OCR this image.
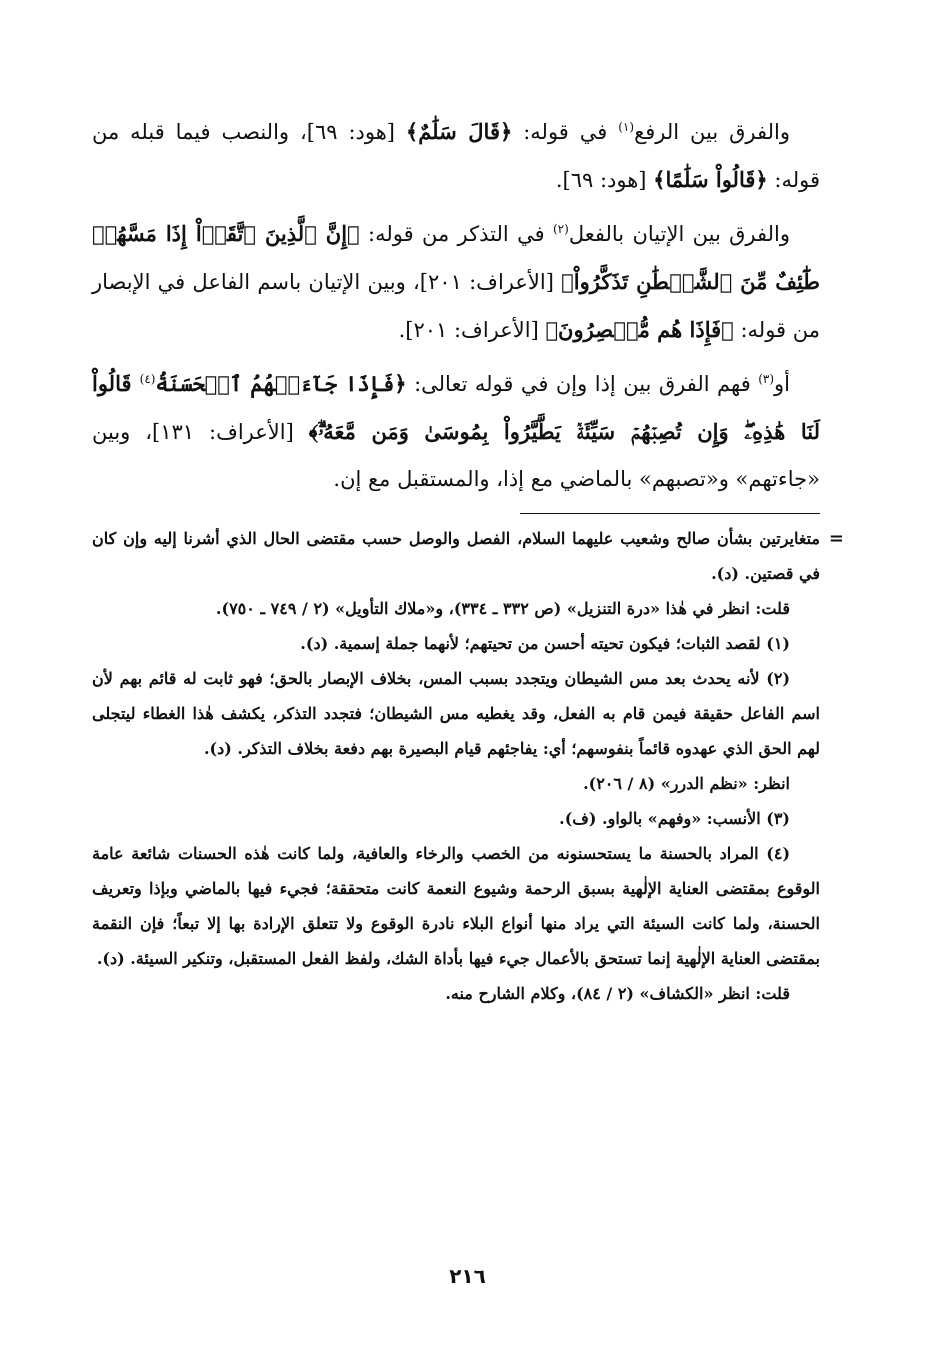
والفرق بين الرفع$^{(١)}$ في قوله: ﴿قَالَ سَلَٰمٌ﴾ [هود: ٦٩]، والنصب فيما قبله من قوله: ﴿قَالُواْ سَلَٰمًا﴾ [هود: ٦٩].

والفرق بين الإتيان بالفعل$^{(٢)}$ في التذكر من قوله: ﴿إِنَّ ٱلَّذِينَ ٱتَّقَوۡاْ إِذَا مَسَّهُمۡ طَٰٓئِفٌ مِّنَ ٱلشَّيۡطَٰنِ تَذَكَّرُواْ﴾ [الأعراف: ٢٠١]، وبين الإتيان باسم الفاعل في الإبصار من قوله: ﴿فَإِذَا هُم مُّبۡصِرُونَ﴾ [الأعراف: ٢٠١].

أو$^{(٣)}$ فهم الفرق بين إذا وإن في قوله تعالى: ﴿فَإِذَا جَآءَتۡهُمُ ٱلۡحَسَنَةُ$^{(٤)}$ قَالُواْ لَنَا هَٰذِهِۦۖ وَإِن تُصِبۡهُمۡ سَيِّئَةٞ يَطَّيَّرُواْ بِمُوسَىٰ وَمَن مَّعَهُۥٓۗ﴾ [الأعراف: ١٣١]، وبين «جاءتهم» و«تصبهم» بالماضي مع إذا، والمستقبل مع إن.

=
متغايرتين بشأن صالح وشعيب عليهما السلام، الفصل والوصل حسب مقتضى الحال الذي أشرنا إليه وإن كان في قصتين. (د).

قلت: انظر في هٰذا «درة التنزيل» (ص ٣٣٢ ـ ٣٣٤)، و«ملاك التأويل» (٢ / ٧٤٩ ـ ٧٥٠).

(١) لقصد الثبات؛ فيكون تحيته أحسن من تحيتهم؛ لأنهما جملة إسمية. (د).

(٢) لأنه يحدث بعد مس الشيطان ويتجدد بسبب المس، بخلاف الإبصار بالحق؛ فهو ثابت له قائم بهم لأن اسم الفاعل حقيقة فيمن قام به الفعل، وقد يغطيه مس الشيطان؛ فتجدد التذكر، يكشف هٰذا الغطاء ليتجلى لهم الحق الذي عهدوه قائماً بنفوسهم؛ أي: يفاجئهم قيام البصيرة بهم دفعة بخلاف التذكر. (د).

انظر: «نظم الدرر» (٨ / ٢٠٦).

(٣) الأنسب: «وفهم» بالواو. (ف).

(٤) المراد بالحسنة ما يستحسنونه من الخصب والرخاء والعافية، ولما كانت هٰذه الحسنات شائعة عامة الوقوع بمقتضى العناية الإلٰهية بسبق الرحمة وشيوع النعمة كانت متحققة؛ فجيء فيها بالماضي وبإذا وتعريف الحسنة، ولما كانت السيئة التي يراد منها أنواع البلاء نادرة الوقوع ولا تتعلق الإرادة بها إلا تبعاً؛ فإن النقمة بمقتضى العناية الإلٰهية إنما تستحق بالأعمال جيء فيها بأداة الشك، ولفظ الفعل المستقبل، وتنكير السيئة. (د).

قلت: انظر «الكشاف» (٢ / ٨٤)، وكلام الشارح منه.

٢١٦
